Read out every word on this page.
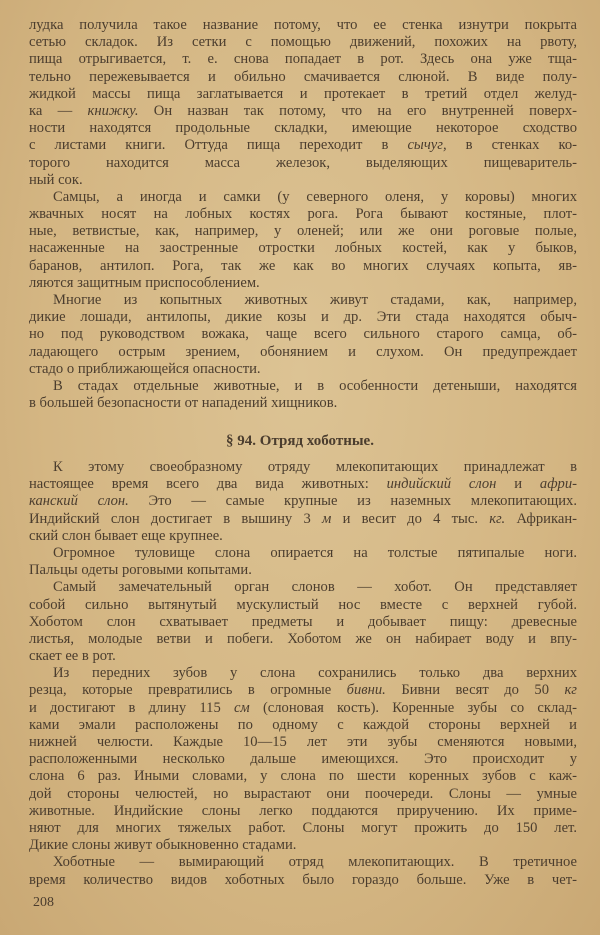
лудка получила такое название потому, что ее стенка изнутри покрыта
сетью складок. Из сетки с помощью движений, похожих на рвоту,
пища отрыгивается, т. е. снова попадает в рот. Здесь она уже тща-
тельно пережевывается и обильно смачивается слюной. В виде полу-
жидкой массы пища заглатывается и протекает в третий отдел желуд-
ка — книжку. Он назван так потому, что на его внутренней поверх-
ности находятся продольные складки, имеющие некоторое сходство
с листами книги. Оттуда пища переходит в сычуг, в стенках ко-
торого находится масса железок, выделяющих пищеваритель-
ный сок.
Самцы, а иногда и самки (у северного оленя, у коровы) многих
жвачных носят на лобных костях рога. Рога бывают костяные, плот-
ные, ветвистые, как, например, у оленей; или же они роговые полые,
насаженные на заостренные отростки лобных костей, как у быков,
баранов, антилоп. Рога, так же как во многих случаях копыта, яв-
ляются защитным приспособлением.
Многие из копытных животных живут стадами, как, например,
дикие лошади, антилопы, дикие козы и др. Эти стада находятся обыч-
но под руководством вожака, чаще всего сильного старого самца, об-
ладающего острым зрением, обонянием и слухом. Он предупреждает
стадо о приближающейся опасности.
В стадах отдельные животные, и в особенности детеныши, находятся
в большей безопасности от нападений хищников.
§ 94. Отряд хоботные.
К этому своеобразному отряду млекопитающих принадлежат в
настоящее время всего два вида животных: индийский слон и афри-
канский слон. Это — самые крупные из наземных млекопитающих.
Индийский слон достигает в вышину 3 м и весит до 4 тыс. кг. Африкан-
ский слон бывает еще крупнее.
Огромное туловище слона опирается на толстые пятипалые ноги.
Пальцы одеты роговыми копытами.
Самый замечательный орган слонов — хобот. Он представляет
собой сильно вытянутый мускулистый нос вместе с верхней губой.
Хоботом слон схватывает предметы и добывает пищу: древесные
листья, молодые ветви и побеги. Хоботом же он набирает воду и впу-
скает ее в рот.
Из передних зубов у слона сохранились только два верхних
резца, которые превратились в огромные бивни. Бивни весят до 50 кг
и достигают в длину 115 см (слоновая кость). Коренные зубы со склад-
ками эмали расположены по одному с каждой стороны верхней и
нижней челюсти. Каждые 10—15 лет эти зубы сменяются новыми,
расположенными несколько дальше имеющихся. Это происходит у
слона 6 раз. Иными словами, у слона по шести коренных зубов с каж-
дой стороны челюстей, но вырастают они поочереди. Слоны — умные
животные. Индийские слоны легко поддаются приручению. Их приме-
няют для многих тяжелых работ. Слоны могут прожить до 150 лет.
Дикие слоны живут обыкновенно стадами.
Хоботные — вымирающий отряд млекопитающих. В третичное
время количество видов хоботных было гораздо больше. Уже в чет-
208
